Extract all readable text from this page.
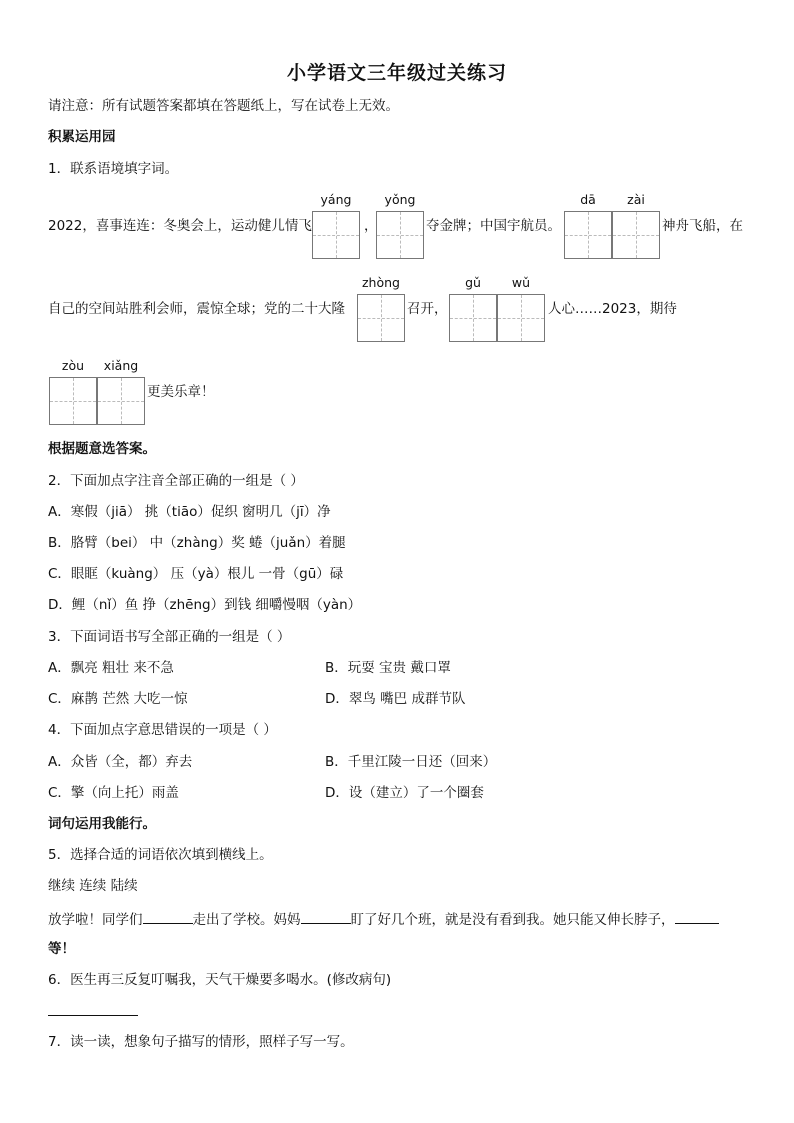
小学语文三年级过关练习
请注意：所有试题答案都填在答题纸上，写在试卷上无效。
积累运用园
1．联系语境填字词。
2022，喜事连连：冬奥会上，运动健儿情飞
yáng
，
yǒng
夺金牌；中国宇航员。
dā	zài
神舟飞船，在
自己的空间站胜利会师，震惊全球；党的二十大隆
zhòng
召开，
gǔ	wǔ
人心……2023，期待
zòu	xiǎng
更美乐章！
根据题意选答案。
2．下面加点字注音全部正确的一组是（ ）
A．寒假（jiā） 挑（tiāo）促织 窗明几（jī）净
B．胳臂（bei） 中（zhàng）奖 蜷（juǎn）着腿
C．眼眶（kuàng） 压（yà）根儿 一骨（gū）碌
D．鲤（nǐ）鱼 挣（zhēng）到钱 细嚼慢咽（yàn）
3．下面词语书写全部正确的一组是（ ）
A．飘亮 粗壮 来不急	B．玩耍 宝贵 戴口罩
C．麻鹊 芒然 大吃一惊	D．翠鸟 嘴巴 成群节队
4．下面加点字意思错误的一项是（ ）
A．众皆（全，都）弃去	B．千里江陵一日还（回来）
C．擎（向上托）雨盖	D．设（建立）了一个圈套
词句运用我能行。
5．选择合适的词语依次填到横线上。
继续 连续 陆续
放学啦！同学们	走出了学校。妈妈	盯了好几个班，就是没有看到我。她只能又伸长脖子，
等！
6．医生再三反复叮嘱我，天气干燥要多喝水。(修改病句)
7．读一读，想象句子描写的情形，照样子写一写。
